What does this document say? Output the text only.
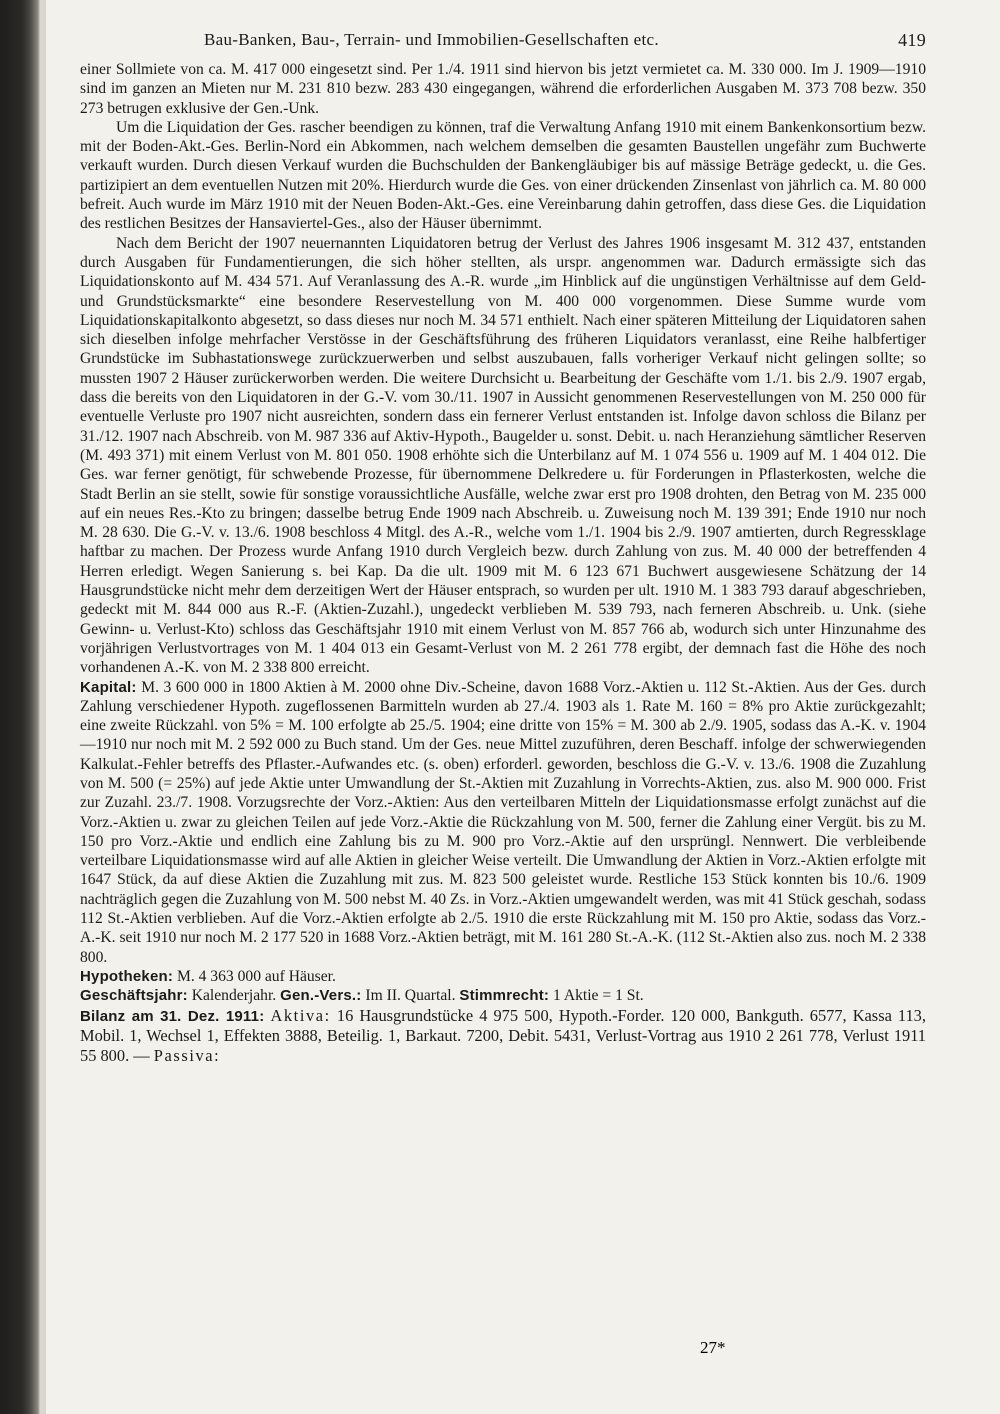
Bau-Banken, Bau-, Terrain- und Immobilien-Gesellschaften etc.	419

einer Sollmiete von ca. M. 417 000 eingesetzt sind. Per 1./4. 1911 sind hiervon bis jetzt vermietet ca. M. 330 000. Im J. 1909—1910 sind im ganzen an Mieten nur M. 231 810 bezw. 283 430 eingegangen, während die erforderlichen Ausgaben M. 373 708 bezw. 350 273 betrugen exklusive der Gen.-Unk.

Um die Liquidation der Ges. rascher beendigen zu können, traf die Verwaltung Anfang 1910 mit einem Bankenkonsortium bezw. mit der Boden-Akt.-Ges. Berlin-Nord ein Abkommen, nach welchem demselben die gesamten Baustellen ungefähr zum Buchwerte verkauft wurden. Durch diesen Verkauf wurden die Buchschulden der Bankengläubiger bis auf mässige Beträge gedeckt, u. die Ges. partizipiert an dem eventuellen Nutzen mit 20%. Hierdurch wurde die Ges. von einer drückenden Zinsenlast von jährlich ca. M. 80 000 befreit. Auch wurde im März 1910 mit der Neuen Boden-Akt.-Ges. eine Vereinbarung dahin getroffen, dass diese Ges. die Liquidation des restlichen Besitzes der Hansaviertel-Ges., also der Häuser übernimmt.

Nach dem Bericht der 1907 neuernannten Liquidatoren betrug der Verlust des Jahres 1906 insgesamt M. 312 437, entstanden durch Ausgaben für Fundamentierungen, die sich höher stellten, als urspr. angenommen war. Dadurch ermässigte sich das Liquidationskonto auf M. 434 571. Auf Veranlassung des A.-R. wurde „im Hinblick auf die ungünstigen Verhältnisse auf dem Geld- und Grundstücksmarkte“ eine besondere Reservestellung von M. 400 000 vorgenommen. Diese Summe wurde vom Liquidationskapitalkonto abgesetzt, so dass dieses nur noch M. 34 571 enthielt. Nach einer späteren Mitteilung der Liquidatoren sahen sich dieselben infolge mehrfacher Verstösse in der Geschäftsführung des früheren Liquidators veranlasst, eine Reihe halbfertiger Grundstücke im Subhastationswege zurückzuerwerben und selbst auszubauen, falls vorheriger Verkauf nicht gelingen sollte; so mussten 1907 2 Häuser zurückerworben werden. Die weitere Durchsicht u. Bearbeitung der Geschäfte vom 1./1. bis 2./9. 1907 ergab, dass die bereits von den Liquidatoren in der G.-V. vom 30./11. 1907 in Aussicht genommenen Reservestellungen von M. 250 000 für eventuelle Verluste pro 1907 nicht ausreichten, sondern dass ein fernerer Verlust entstanden ist. Infolge davon schloss die Bilanz per 31./12. 1907 nach Abschreib. von M. 987 336 auf Aktiv-Hypoth., Baugelder u. sonst. Debit. u. nach Heranziehung sämtlicher Reserven (M. 493 371) mit einem Verlust von M. 801 050. 1908 erhöhte sich die Unterbilanz auf M. 1 074 556 u. 1909 auf M. 1 404 012. Die Ges. war ferner genötigt, für schwebende Prozesse, für übernommene Delkredere u. für Forderungen in Pflasterkosten, welche die Stadt Berlin an sie stellt, sowie für sonstige voraussichtliche Ausfälle, welche zwar erst pro 1908 drohten, den Betrag von M. 235 000 auf ein neues Res.-Kto zu bringen; dasselbe betrug Ende 1909 nach Abschreib. u. Zuweisung noch M. 139 391; Ende 1910 nur noch M. 28 630. Die G.-V. v. 13./6. 1908 beschloss 4 Mitgl. des A.-R., welche vom 1./1. 1904 bis 2./9. 1907 amtierten, durch Regressklage haftbar zu machen. Der Prozess wurde Anfang 1910 durch Vergleich bezw. durch Zahlung von zus. M. 40 000 der betreffenden 4 Herren erledigt. Wegen Sanierung s. bei Kap. Da die ult. 1909 mit M. 6 123 671 Buchwert ausgewiesene Schätzung der 14 Hausgrundstücke nicht mehr dem derzeitigen Wert der Häuser entsprach, so wurden per ult. 1910 M. 1 383 793 darauf abgeschrieben, gedeckt mit M. 844 000 aus R.-F. (Aktien-Zuzahl.), ungedeckt verblieben M. 539 793, nach ferneren Abschreib. u. Unk. (siehe Gewinn- u. Verlust-Kto) schloss das Geschäftsjahr 1910 mit einem Verlust von M. 857 766 ab, wodurch sich unter Hinzunahme des vorjährigen Verlustvortrages von M. 1 404 013 ein Gesamt-Verlust von M. 2 261 778 ergibt, der demnach fast die Höhe des noch vorhandenen A.-K. von M. 2 338 800 erreicht.

Kapital: M. 3 600 000 in 1800 Aktien à M. 2000 ohne Div.-Scheine, davon 1688 Vorz.-Aktien u. 112 St.-Aktien. Aus der Ges. durch Zahlung verschiedener Hypoth. zugeflossenen Barmitteln wurden ab 27./4. 1903 als 1. Rate M. 160 = 8% pro Aktie zurückgezahlt; eine zweite Rückzahl. von 5% = M. 100 erfolgte ab 25./5. 1904; eine dritte von 15% = M. 300 ab 2./9. 1905, sodass das A.-K. v. 1904—1910 nur noch mit M. 2 592 000 zu Buch stand. Um der Ges. neue Mittel zuzuführen, deren Beschaff. infolge der schwerwiegenden Kalkulat.-Fehler betreffs des Pflaster.-Aufwandes etc. (s. oben) erforderl. geworden, beschloss die G.-V. v. 13./6. 1908 die Zuzahlung von M. 500 (= 25%) auf jede Aktie unter Umwandlung der St.-Aktien mit Zuzahlung in Vorrechts-Aktien, zus. also M. 900 000. Frist zur Zuzahl. 23./7. 1908. Vorzugsrechte der Vorz.-Aktien: Aus den verteilbaren Mitteln der Liquidationsmasse erfolgt zunächst auf die Vorz.-Aktien u. zwar zu gleichen Teilen auf jede Vorz.-Aktie die Rückzahlung von M. 500, ferner die Zahlung einer Vergüt. bis zu M. 150 pro Vorz.-Aktie und endlich eine Zahlung bis zu M. 900 pro Vorz.-Aktie auf den ursprüngl. Nennwert. Die verbleibende verteilbare Liquidationsmasse wird auf alle Aktien in gleicher Weise verteilt. Die Umwandlung der Aktien in Vorz.-Aktien erfolgte mit 1647 Stück, da auf diese Aktien die Zuzahlung mit zus. M. 823 500 geleistet wurde. Restliche 153 Stück konnten bis 10./6. 1909 nachträglich gegen die Zuzahlung von M. 500 nebst M. 40 Zs. in Vorz.-Aktien umgewandelt werden, was mit 41 Stück geschah, sodass 112 St.-Aktien verblieben. Auf die Vorz.-Aktien erfolgte ab 2./5. 1910 die erste Rückzahlung mit M. 150 pro Aktie, sodass das Vorz.-A.-K. seit 1910 nur noch M. 2 177 520 in 1688 Vorz.-Aktien beträgt, mit M. 161 280 St.-A.-K. (112 St.-Aktien also zus. noch M. 2 338 800.

Hypotheken: M. 4 363 000 auf Häuser.

Geschäftsjahr: Kalenderjahr. Gen.-Vers.: Im II. Quartal. Stimmrecht: 1 Aktie = 1 St.

Bilanz am 31. Dez. 1911: Aktiva: 16 Hausgrundstücke 4 975 500, Hypoth.-Forder. 120 000, Bankguth. 6577, Kassa 113, Mobil. 1, Wechsel 1, Effekten 3888, Beteilig. 1, Barkaut. 7200, Debit. 5431, Verlust-Vortrag aus 1910 2 261 778, Verlust 1911 55 800. — Passiva:

27*
